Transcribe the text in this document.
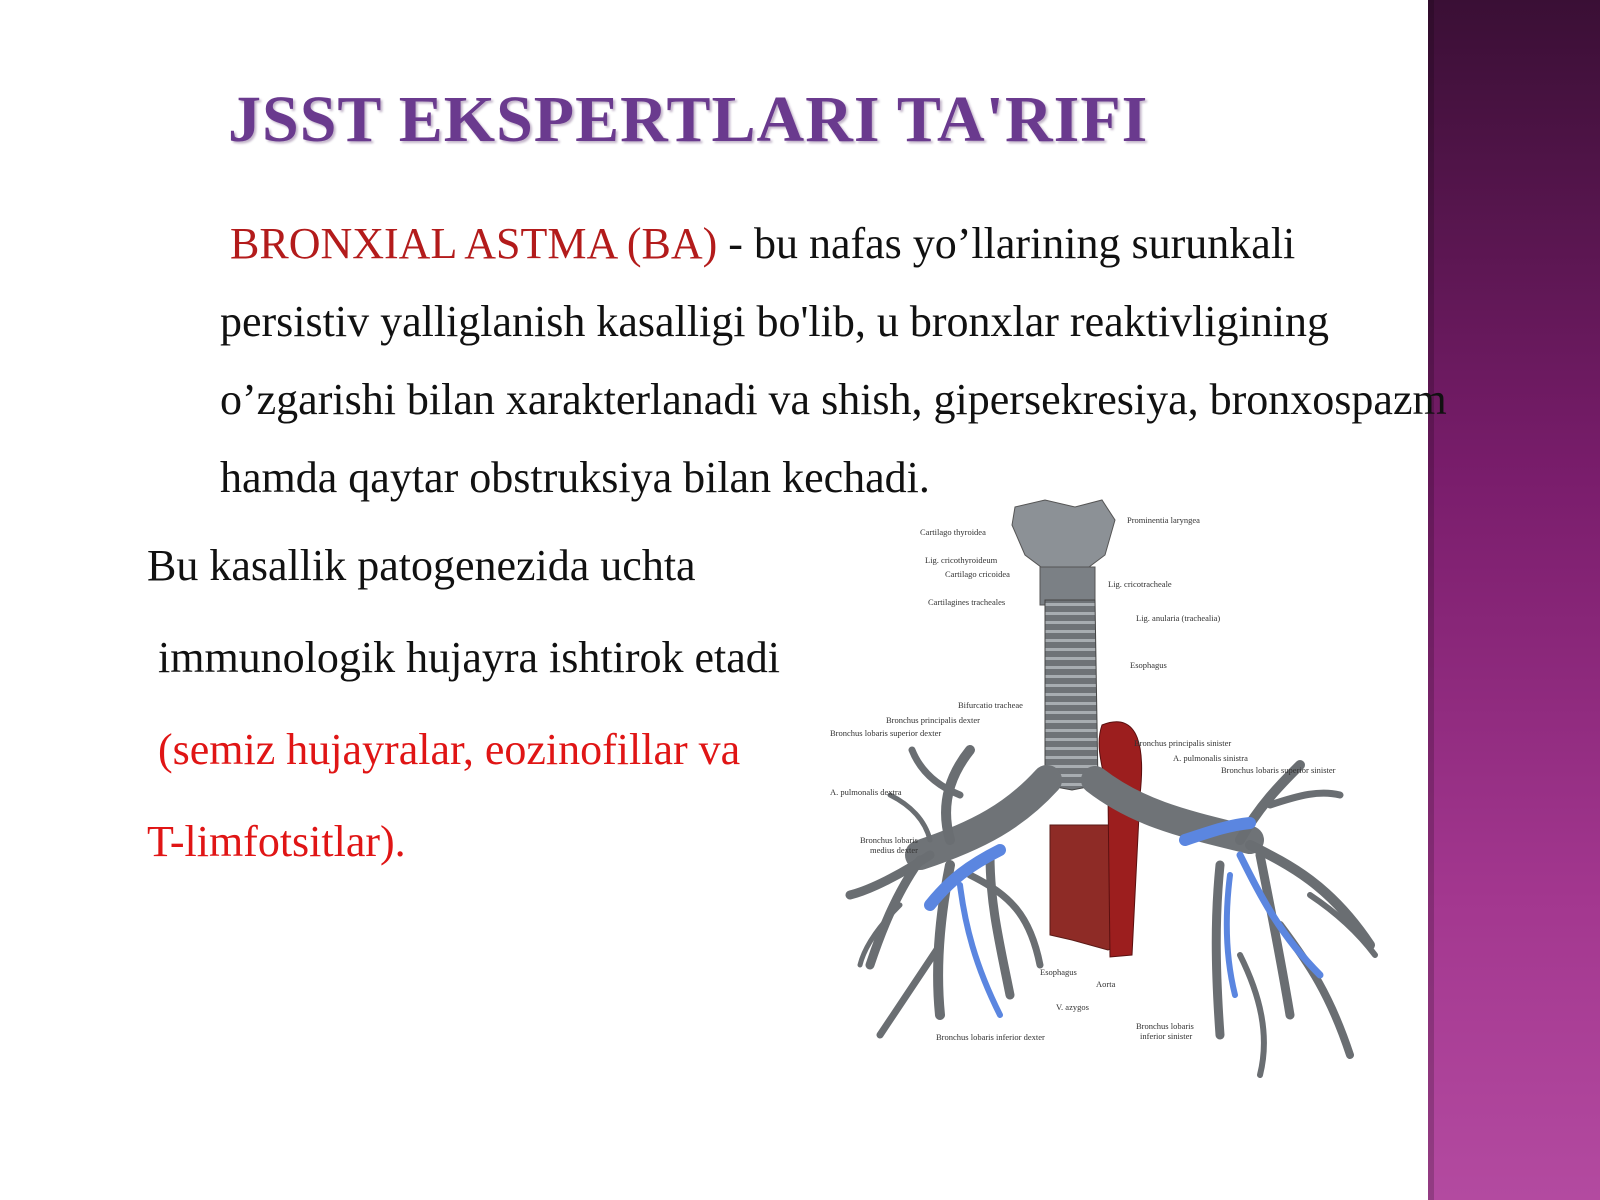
JSST EKSPERTLARI TA'RIFI
BRONXIAL ASTMA (BA) - bu nafas yo’llarining surunkali
persistiv yalliglanish kasalligi bo'lib, u bronxlar reaktivligining
o’zgarishi bilan xarakterlanadi va shish, gipersekresiya, bronxospazm
hamda qaytar obstruksiya bilan kechadi.
Bu kasallik patogenezida uchta
immunologik hujayra ishtirok etadi
(semiz hujayralar, eozinofillar va
T-limfotsitlar).
Cartilago thyroidea
Prominentia laryngea
Lig. cricothyroideum
Cartilago cricoidea
Lig. cricotracheale
Cartilagines tracheales
Lig. anularia (trachealia)
Esophagus
Bifurcatio tracheae
Bronchus principalis dexter
Bronchus lobaris superior dexter
Bronchus principalis sinister
A. pulmonalis sinistra
Bronchus lobaris superior sinister
A. pulmonalis dextra
Bronchus lobaris
medius dexter
Esophagus
Aorta
V. azygos
Bronchus lobaris
inferior sinister
Bronchus lobaris inferior dexter
